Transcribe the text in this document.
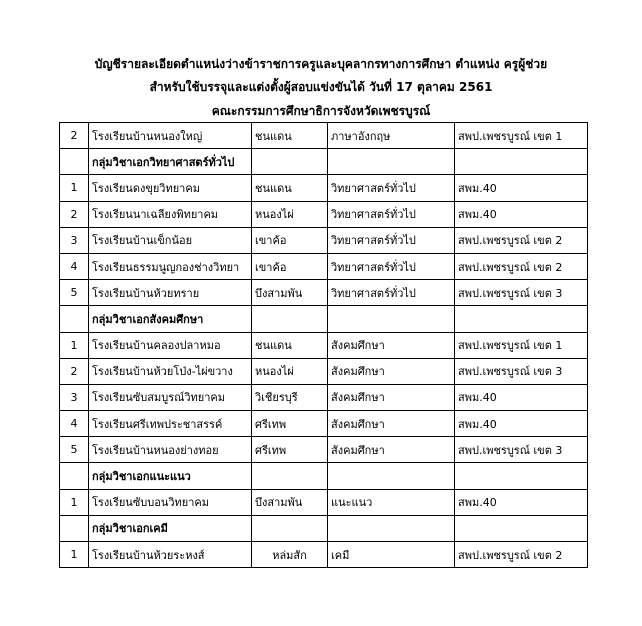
บัญชีรายละเอียดตำแหน่งว่างข้าราชการครูและบุคลากรทางการศึกษา ตำแหน่ง ครูผู้ช่วย
สำหรับใช้บรรจุและแต่งตั้งผู้สอบแข่งขันได้ วันที่ 17 ตุลาคม 2561
คณะกรรมการศึกษาธิการจังหวัดเพชรบูรณ์
2	โรงเรียนบ้านหนองใหญ่	ชนแดน	ภาษาอังกฤษ	สพป.เพชรบูรณ์ เขต 1
	กลุ่มวิชาเอกวิทยาศาสตร์ทั่วไป			
1	โรงเรียนดงขุยวิทยาคม	ชนแดน	วิทยาศาสตร์ทั่วไป	สพม.40
2	โรงเรียนนาเฉลียงพิทยาคม	หนองไผ่	วิทยาศาสตร์ทั่วไป	สพม.40
3	โรงเรียนบ้านเข็กน้อย	เขาค้อ	วิทยาศาสตร์ทั่วไป	สพป.เพชรบูรณ์ เขต 2
4	โรงเรียนธรรมนูญกองช่างวิทยา	เขาค้อ	วิทยาศาสตร์ทั่วไป	สพป.เพชรบูรณ์ เขต 2
5	โรงเรียนบ้านห้วยทราย	บึงสามพัน	วิทยาศาสตร์ทั่วไป	สพป.เพชรบูรณ์ เขต 3
	กลุ่มวิชาเอกสังคมศึกษา			
1	โรงเรียนบ้านคลองปลาหมอ	ชนแดน	สังคมศึกษา	สพป.เพชรบูรณ์ เขต 1
2	โรงเรียนบ้านห้วยโป่ง-ไผ่ขวาง	หนองไผ่	สังคมศึกษา	สพป.เพชรบูรณ์ เขต 3
3	โรงเรียนซับสมบูรณ์วิทยาคม	วิเชียรบุรี	สังคมศึกษา	สพม.40
4	โรงเรียนศรีเทพประชาสรรค์	ศรีเทพ	สังคมศึกษา	สพม.40
5	โรงเรียนบ้านหนองย่างทอย	ศรีเทพ	สังคมศึกษา	สพป.เพชรบูรณ์ เขต 3
	กลุ่มวิชาเอกแนะแนว			
1	โรงเรียนซับบอนวิทยาคม	บึงสามพัน	แนะแนว	สพม.40
	กลุ่มวิชาเอกเคมี			
1	โรงเรียนบ้านห้วยระหงส์	หล่มสัก	เคมี	สพป.เพชรบูรณ์ เขต 2
